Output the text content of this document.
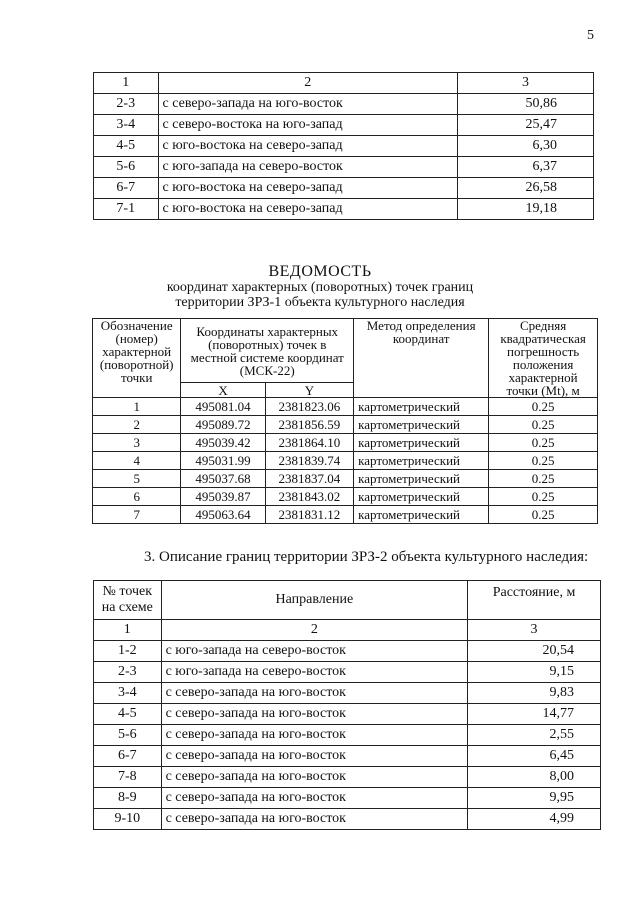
5
1	2	3
2-3	с северо-запада на юго-восток	50,86
3-4	с северо-востока на юго-запад	25,47
4-5	с юго-востока на северо-запад	6,30
5-6	с юго-запада на северо-восток	6,37
6-7	с юго-востока на северо-запад	26,58
7-1	с юго-востока на северо-запад	19,18
ВЕДОМОСТЬ
координат характерных (поворотных) точек границ
территории ЗРЗ-1 объекта культурного наследия
Обозначение (номер) характерной (поворотной) точки	Координаты характерных (поворотных) точек в местной системе координат (МСК-22)		Метод определения координат	Средняя квадратическая погрешность положения характерной точки (Mt), м
	X	Y		
1	495081.04	2381823.06	картометрический	0.25
2	495089.72	2381856.59	картометрический	0.25
3	495039.42	2381864.10	картометрический	0.25
4	495031.99	2381839.74	картометрический	0.25
5	495037.68	2381837.04	картометрический	0.25
6	495039.87	2381843.02	картометрический	0.25
7	495063.64	2381831.12	картометрический	0.25
3. Описание границ территории ЗРЗ-2 объекта культурного наследия:
№ точек на схеме	Направление	Расстояние, м
1	2	3
1-2	с юго-запада на северо-восток	20,54
2-3	с юго-запада на северо-восток	9,15
3-4	с северо-запада на юго-восток	9,83
4-5	с северо-запада на юго-восток	14,77
5-6	с северо-запада на юго-восток	2,55
6-7	с северо-запада на юго-восток	6,45
7-8	с северо-запада на юго-восток	8,00
8-9	с северо-запада на юго-восток	9,95
9-10	с северо-запада на юго-восток	4,99
